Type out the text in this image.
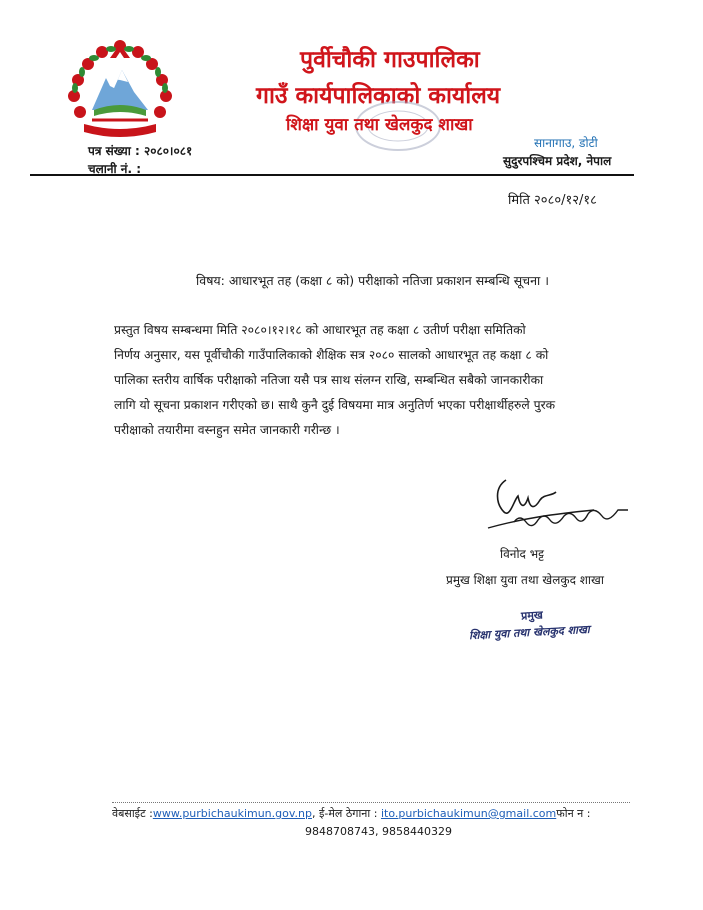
पुर्वीचौकी गाउपालिका
गाउँ कार्यपालिकाको कार्यालय
शिक्षा युवा तथा खेलकुद शाखा
पत्र संख्या : २०८०।०८१
चलानी नं. :
सानागाउ, डोटी
सुदुरपश्चिम प्रदेश, नेपाल
मिति २०८०/१२/१८
विषय: आधारभूत तह (कक्षा ८ को) परीक्षाको नतिजा प्रकाशन सम्बन्धि सूचना ।
प्रस्तुत विषय सम्बन्धमा मिति २०८०।१२।१८ को आधारभूत तह कक्षा ८ उतीर्ण परीक्षा समितिको
निर्णय अनुसार, यस पूर्वीचौकी गाउँपालिकाको शैक्षिक सत्र २०८० सालको आधारभूत तह कक्षा ८ को
पालिका स्तरीय वार्षिक परीक्षाको नतिजा यसै पत्र साथ संलग्न राखि, सम्बन्धित सबैको जानकारीका
लागि यो सूचना प्रकाशन गरीएको छ। साथै कुनै दुई विषयमा मात्र अनुतिर्ण भएका परीक्षार्थीहरुले पुरक
परीक्षाको तयारीमा वस्नहुन समेत जानकारी गरीन्छ ।
विनोद भट्ट
प्रमुख शिक्षा युवा तथा खेलकुद शाखा
प्रमुख
शिक्षा युवा तथा खेलकुद शाखा
वेबसाईट :www.purbichaukimun.gov.np, ई-मेल ठेगाना : ito.purbichaukimun@gmail.comफोन न :
9848708743, 9858440329
